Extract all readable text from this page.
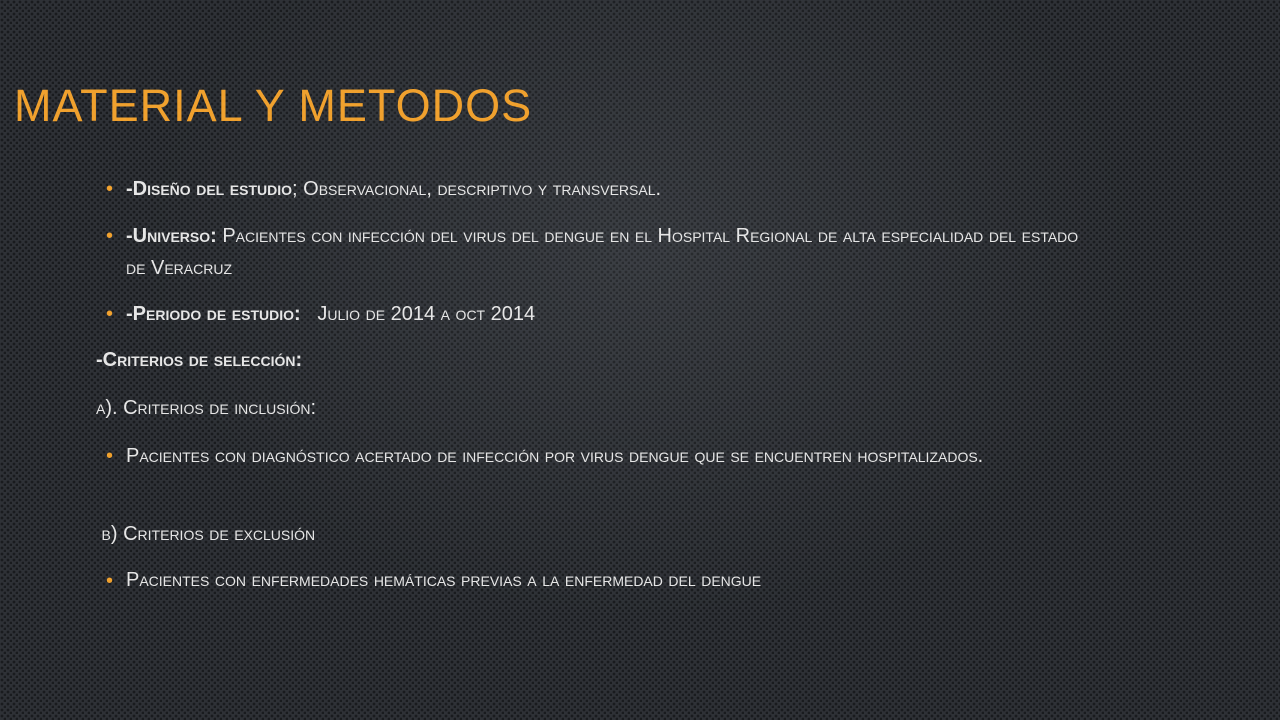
MATERIAL Y METODOS
• -Diseño del estudio; Observacional, descriptivo y transversal.
• -Universo: Pacientes con infección del virus del dengue en el Hospital Regional de alta especialidad del estado de Veracruz
• -Periodo de estudio:   Julio de 2014 a oct 2014
-Criterios de selección:
a). Criterios de inclusión:
• Pacientes con diagnóstico acertado de infección por virus dengue que se encuentren hospitalizados.
b) Criterios de exclusión
• Pacientes con enfermedades hemáticas previas a la enfermedad del dengue
